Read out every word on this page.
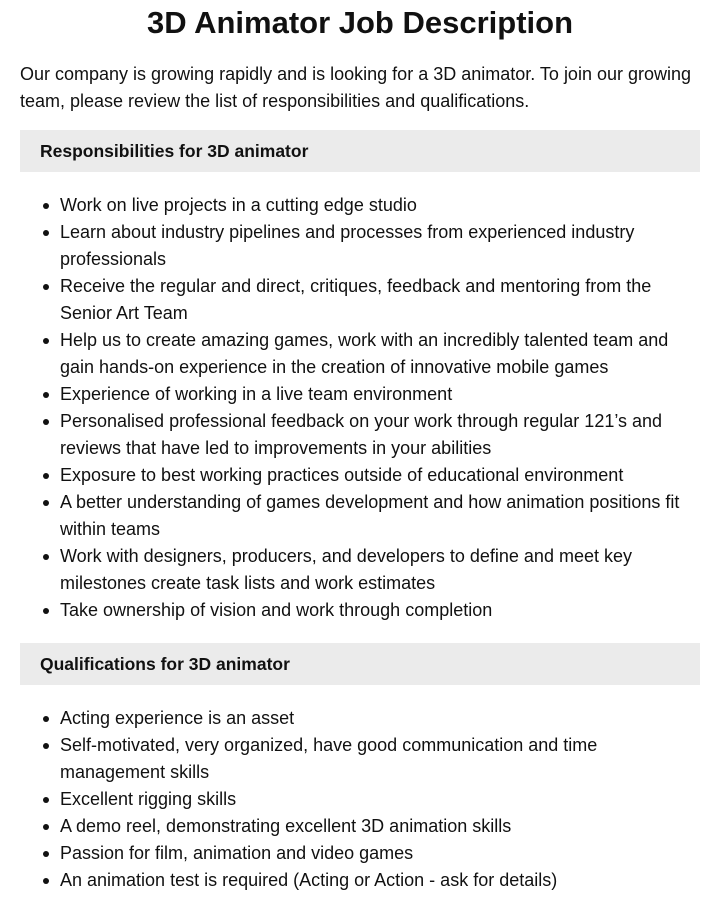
3D Animator Job Description

Our company is growing rapidly and is looking for a 3D animator. To join our growing team, please review the list of responsibilities and qualifications.

Responsibilities for 3D animator
Work on live projects in a cutting edge studio
Learn about industry pipelines and processes from experienced industry professionals
Receive the regular and direct, critiques, feedback and mentoring from the Senior Art Team
Help us to create amazing games, work with an incredibly talented team and gain hands-on experience in the creation of innovative mobile games
Experience of working in a live team environment
Personalised professional feedback on your work through regular 121’s and reviews that have led to improvements in your abilities
Exposure to best working practices outside of educational environment
A better understanding of games development and how animation positions fit within teams
Work with designers, producers, and developers to define and meet key milestones create task lists and work estimates
Take ownership of vision and work through completion
Qualifications for 3D animator
Acting experience is an asset
Self-motivated, very organized, have good communication and time management skills
Excellent rigging skills
A demo reel, demonstrating excellent 3D animation skills
Passion for film, animation and video games
An animation test is required (Acting or Action - ask for details)
